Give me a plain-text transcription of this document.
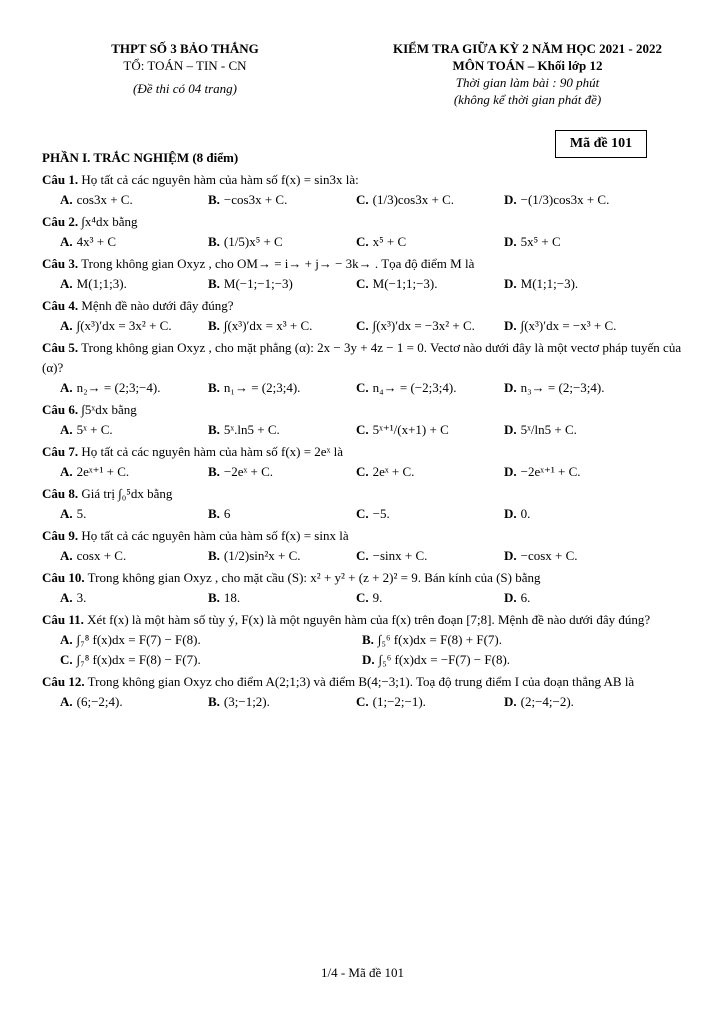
THPT SỐ 3 BẢO THẮNG
TỔ: TOÁN – TIN - CN
(Đề thi có 04 trang)
KIỂM TRA GIỮA KỲ 2 NĂM HỌC 2021 - 2022
MÔN TOÁN – Khối lớp 12
Thời gian làm bài : 90 phút
(không kể thời gian phát đề)
Mã đề 101
PHẦN I. TRẮC NGHIỆM (8 điểm)
Câu 1. Họ tất cả các nguyên hàm của hàm số f(x) = sin3x là:
A. cos3x + C.	B. −cos3x + C.	C. (1/3)cos3x + C.	D. −(1/3)cos3x + C.
Câu 2. ∫x⁴dx bằng
A. 4x³ + C	B. (1/5)x⁵ + C	C. x⁵ + C	D. 5x⁵ + C
Câu 3. Trong không gian Oxyz , cho OM→ = i→ + j→ − 3k→ . Tọa độ điểm M là
A. M(1;1;3).	B. M(−1;−1;−3)	C. M(−1;1;−3).	D. M(1;1;−3).
Câu 4. Mệnh đề nào dưới đây đúng?
A. ∫(x³)′dx = 3x² + C.	B. ∫(x³)′dx = x³ + C.	C. ∫(x³)′dx = −3x² + C.	D. ∫(x³)′dx = −x³ + C.
Câu 5. Trong không gian Oxyz , cho mặt phẳng (α): 2x − 3y + 4z − 1 = 0. Vectơ nào dưới đây là một vectơ pháp tuyến của (α)?
A. n₂→ = (2;3;−4).	B. n₁→ = (2;3;4).	C. n₄→ = (−2;3;4).	D. n₃→ = (2;−3;4).
Câu 6. ∫5ˣdx bằng
A. 5ˣ + C.	B. 5ˣ.ln5 + C.	C. 5ˣ⁺¹/(x+1) + C	D. 5ˣ/ln5 + C.
Câu 7. Họ tất cả các nguyên hàm của hàm số f(x) = 2eˣ là
A. 2eˣ⁺¹ + C.	B. −2eˣ + C.	C. 2eˣ + C.	D. −2eˣ⁺¹ + C.
Câu 8. Giá trị ∫₀⁵dx bằng
A. 5.	B. 6	C. −5.	D. 0.
Câu 9. Họ tất cả các nguyên hàm của hàm số f(x) = sinx là
A. cosx + C.	B. (1/2)sin²x + C.	C. −sinx + C.	D. −cosx + C.
Câu 10. Trong không gian Oxyz , cho mặt cầu (S): x² + y² + (z + 2)² = 9. Bán kính của (S) bằng
A. 3.	B. 18.	C. 9.	D. 6.
Câu 11. Xét f(x) là một hàm số tùy ý, F(x) là một nguyên hàm của f(x) trên đoạn [7;8]. Mệnh đề nào dưới đây đúng?
A. ∫₇⁸ f(x)dx = F(7) − F(8).	B. ∫₅⁶ f(x)dx = F(8) + F(7).
C. ∫₇⁸ f(x)dx = F(8) − F(7).	D. ∫₅⁶ f(x)dx = −F(7) − F(8).
Câu 12. Trong không gian Oxyz cho điểm A(2;1;3) và điểm B(4;−3;1). Toạ độ trung điểm I của đoạn thẳng AB là
A. (6;−2;4).	B. (3;−1;2).	C. (1;−2;−1).	D. (2;−4;−2).
1/4 - Mã đề 101
